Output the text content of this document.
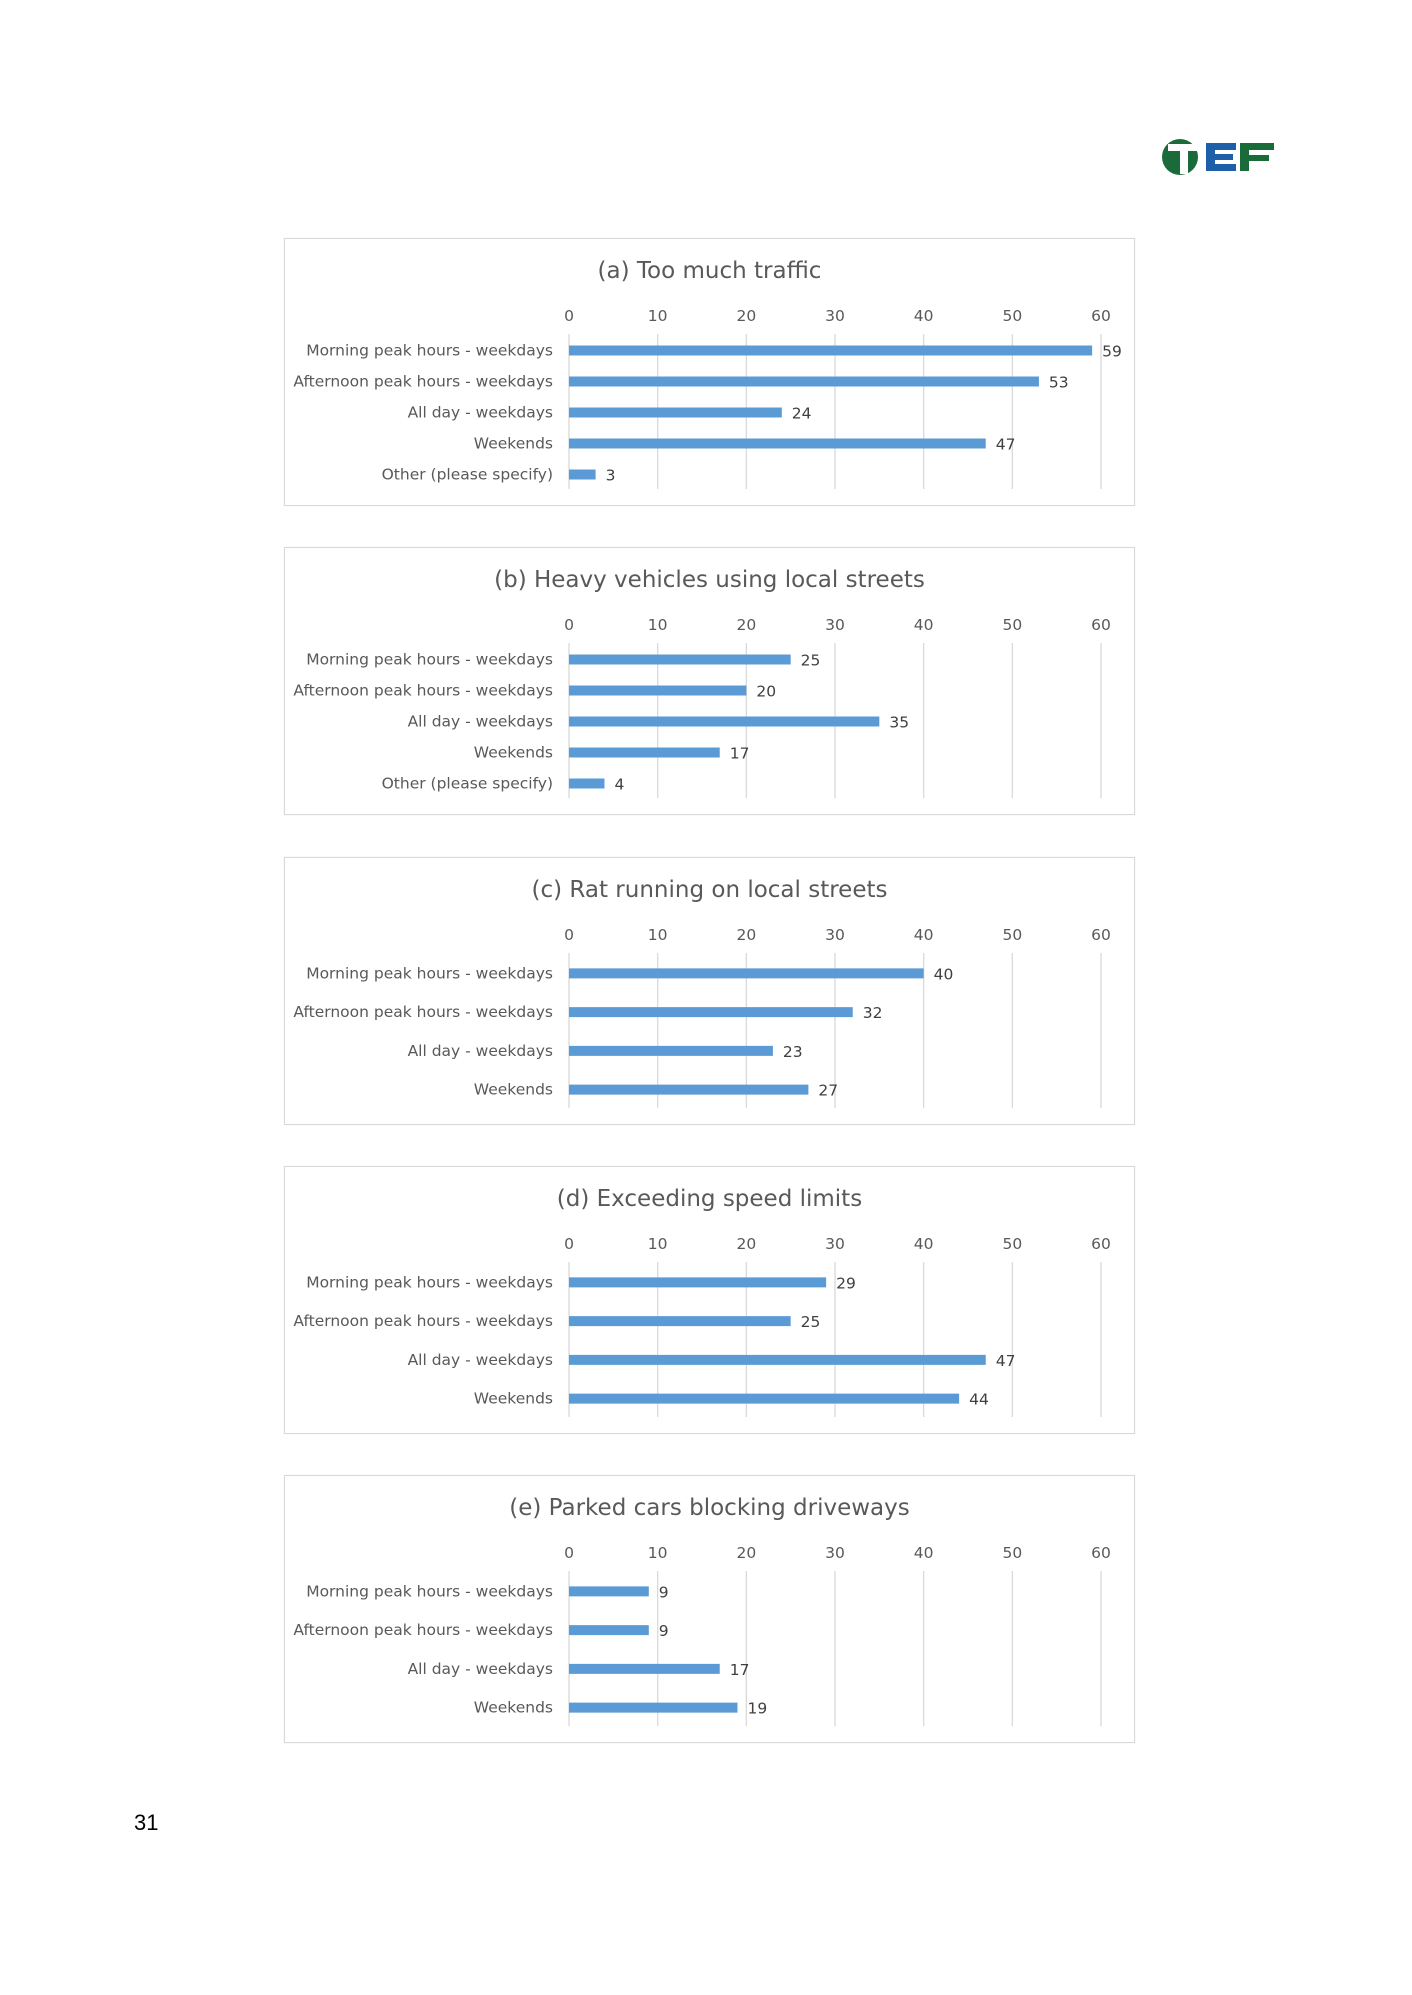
(a) Too much traffic
0	10	20	30	40	50	60
Morning peak hours - weekdays	59
Afternoon peak hours - weekdays	53
All day - weekdays	24
Weekends	47
Other (please specify)	3
(b) Heavy vehicles using local streets
0	10	20	30	40	50	60
Morning peak hours - weekdays	25
Afternoon peak hours - weekdays	20
All day - weekdays	35
Weekends	17
Other (please specify)	4
(c) Rat running on local streets
0	10	20	30	40	50	60
Morning peak hours - weekdays	40
Afternoon peak hours - weekdays	32
All day - weekdays	23
Weekends	27
(d) Exceeding speed limits
0	10	20	30	40	50	60
Morning peak hours - weekdays	29
Afternoon peak hours - weekdays	25
All day - weekdays	47
Weekends	44
(e) Parked cars blocking driveways
0	10	20	30	40	50	60
Morning peak hours - weekdays	9
Afternoon peak hours - weekdays	9
All day - weekdays	17
Weekends	19
31
